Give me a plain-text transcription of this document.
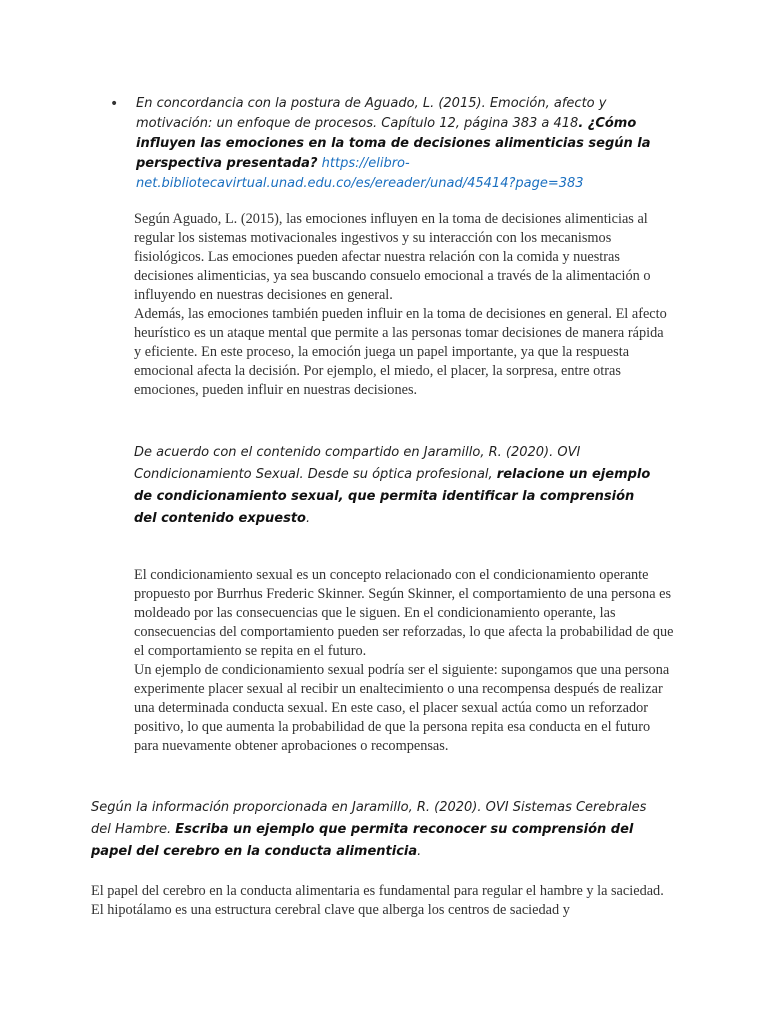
• En concordancia con la postura de Aguado, L. (2015). Emoción, afecto y motivación: un enfoque de procesos. Capítulo 12, página 383 a 418. ¿Cómo influyen las emociones en la toma de decisiones alimenticias según la perspectiva presentada? https://elibro-net.bibliotecavirtual.unad.edu.co/es/ereader/unad/45414?page=383

Según Aguado, L. (2015), las emociones influyen en la toma de decisiones alimenticias al regular los sistemas motivacionales ingestivos y su interacción con los mecanismos fisiológicos. Las emociones pueden afectar nuestra relación con la comida y nuestras decisiones alimenticias, ya sea buscando consuelo emocional a través de la alimentación o influyendo en nuestras decisiones en general.

Además, las emociones también pueden influir en la toma de decisiones en general. El afecto heurístico es un ataque mental que permite a las personas tomar decisiones de manera rápida y eficiente. En este proceso, la emoción juega un papel importante, ya que la respuesta emocional afecta la decisión. Por ejemplo, el miedo, el placer, la sorpresa, entre otras emociones, pueden influir en nuestras decisiones.

De acuerdo con el contenido compartido en Jaramillo, R. (2020). OVI Condicionamiento Sexual. Desde su óptica profesional, relacione un ejemplo de condicionamiento sexual, que permita identificar la comprensión del contenido expuesto.

El condicionamiento sexual es un concepto relacionado con el condicionamiento operante propuesto por Burrhus Frederic Skinner. Según Skinner, el comportamiento de una persona es moldeado por las consecuencias que le siguen. En el condicionamiento operante, las consecuencias del comportamiento pueden ser reforzadas, lo que afecta la probabilidad de que el comportamiento se repita en el futuro.

Un ejemplo de condicionamiento sexual podría ser el siguiente: supongamos que una persona experimente placer sexual al recibir un enaltecimiento o una recompensa después de realizar una determinada conducta sexual. En este caso, el placer sexual actúa como un reforzador positivo, lo que aumenta la probabilidad de que la persona repita esa conducta en el futuro para nuevamente obtener aprobaciones o recompensas.

Según la información proporcionada en Jaramillo, R. (2020). OVI Sistemas Cerebrales del Hambre. Escriba un ejemplo que permita reconocer su comprensión del papel del cerebro en la conducta alimenticia.

El papel del cerebro en la conducta alimentaria es fundamental para regular el hambre y la saciedad. El hipotálamo es una estructura cerebral clave que alberga los centros de saciedad y
